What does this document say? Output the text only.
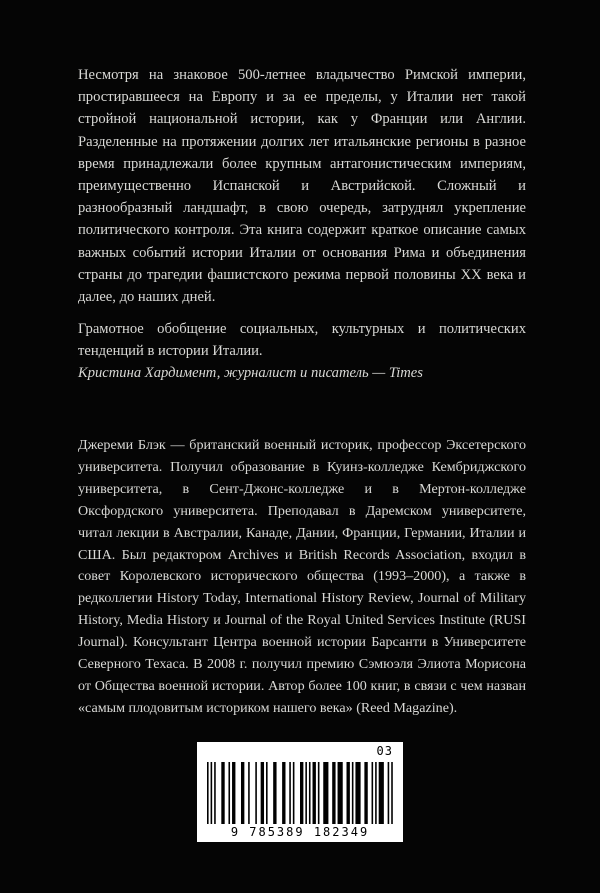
Несмотря на знаковое 500-летнее владычество Римской империи, простиравшееся на Европу и за ее пределы, у Италии нет такой стройной национальной истории, как у Франции или Англии. Разделенные на протяжении долгих лет итальянские регионы в разное время принадлежали более крупным антагонистическим империям, преимущественно Испанской и Австрийской. Сложный и разнообразный ландшафт, в свою очередь, затруднял укрепление политического контроля. Эта книга содержит краткое описание самых важных событий истории Италии от основания Рима и объединения страны до трагедии фашистского режима первой половины XX века и далее, до наших дней.

Грамотное обобщение социальных, культурных и политических тенденций в истории Италии.

Кристина Хардимент, журналист и писатель — Times

Джереми Блэк — британский военный историк, профессор Эксетерского университета. Получил образование в Куинз-колледже Кембриджского университета, в Сент-Джонс-колледже и в Мертон-колледже Оксфордского университета. Преподавал в Даремском университете, читал лекции в Австралии, Канаде, Дании, Франции, Германии, Италии и США. Был редактором Archives и British Records Association, входил в совет Королевского исторического общества (1993–2000), а также в редколлегии History Today, International History Review, Journal of Military History, Media History и Journal of the Royal United Services Institute (RUSI Journal). Консультант Центра военной истории Барсанти в Университете Северного Техаса. В 2008 г. получил премию Сэмюэля Элиота Морисона от Общества военной истории. Автор более 100 книг, в связи с чем назван «самым плодовитым историком нашего века» (Reed Magazine).

03
9 785389 182349
